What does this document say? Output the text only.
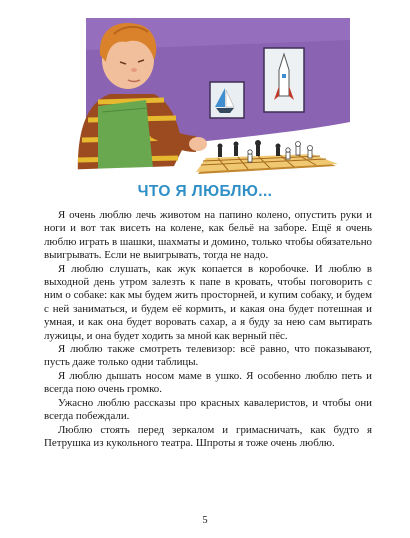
ЧТО Я ЛЮБЛЮ...

Я очень люблю лечь животом на папино колено, опустить руки и ноги и вот так висеть на колене, как бельё на заборе. Ещё я очень люблю играть в шашки, шахматы и домино, только чтобы обязательно выигрывать. Если не выигрывать, тогда не надо.

Я люблю слушать, как жук копается в коробочке. И люблю в выходной день утром залезть к папе в кровать, чтобы поговорить с ним о собаке: как мы будем жить просторней, и купим собаку, и будем с ней заниматься, и будем её кормить, и какая она будет потешная и умная, и как она будет воровать сахар, а я буду за нею сам вытирать лужицы, и она будет ходить за мной как верный пёс.

Я люблю также смотреть телевизор: всё равно, что показывают, пусть даже только одни таблицы.

Я люблю дышать носом маме в ушко. Я особенно люблю петь и всегда пою очень громко.

Ужасно люблю рассказы про красных кавалеристов, и чтобы они всегда побеждали.

Люблю стоять перед зеркалом и гримасничать, как будто я Петрушка из кукольного театра. Шпроты я тоже очень люблю.

5
